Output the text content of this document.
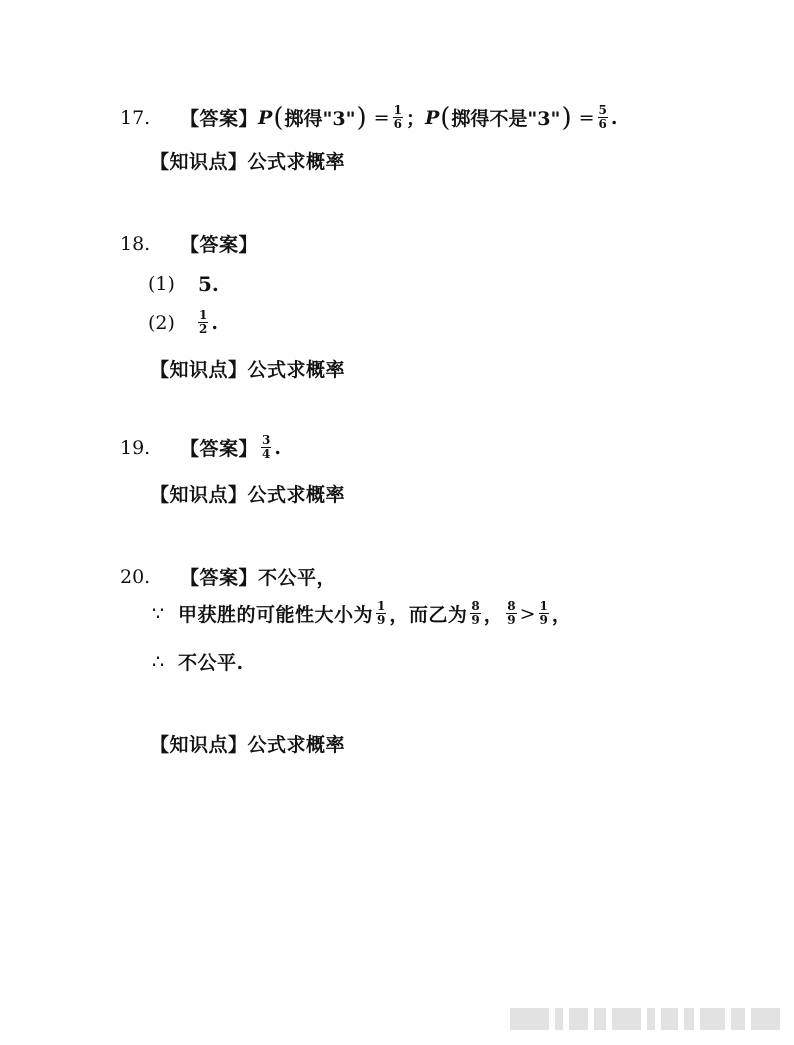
17.	【答案】 P ( 掷得"3" ) = $\frac{1}{6}$ ； P ( 掷得不是"3" ) = $\frac{5}{6}$ .
【知识点】 公式求概率
18.	【答案】
(1)	5.
(2)	$\frac{1}{2}$ .
【知识点】 公式求概率
19.	【答案】 $\frac{3}{4}$ .
【知识点】 公式求概率
20.	【答案】 不公平，
∵ 甲获胜的可能性大小为 $\frac{1}{9}$ ，而乙为 $\frac{8}{9}$ ， $\frac{8}{9} > \frac{1}{9}$ ，
∴ 不公平.
【知识点】 公式求概率
